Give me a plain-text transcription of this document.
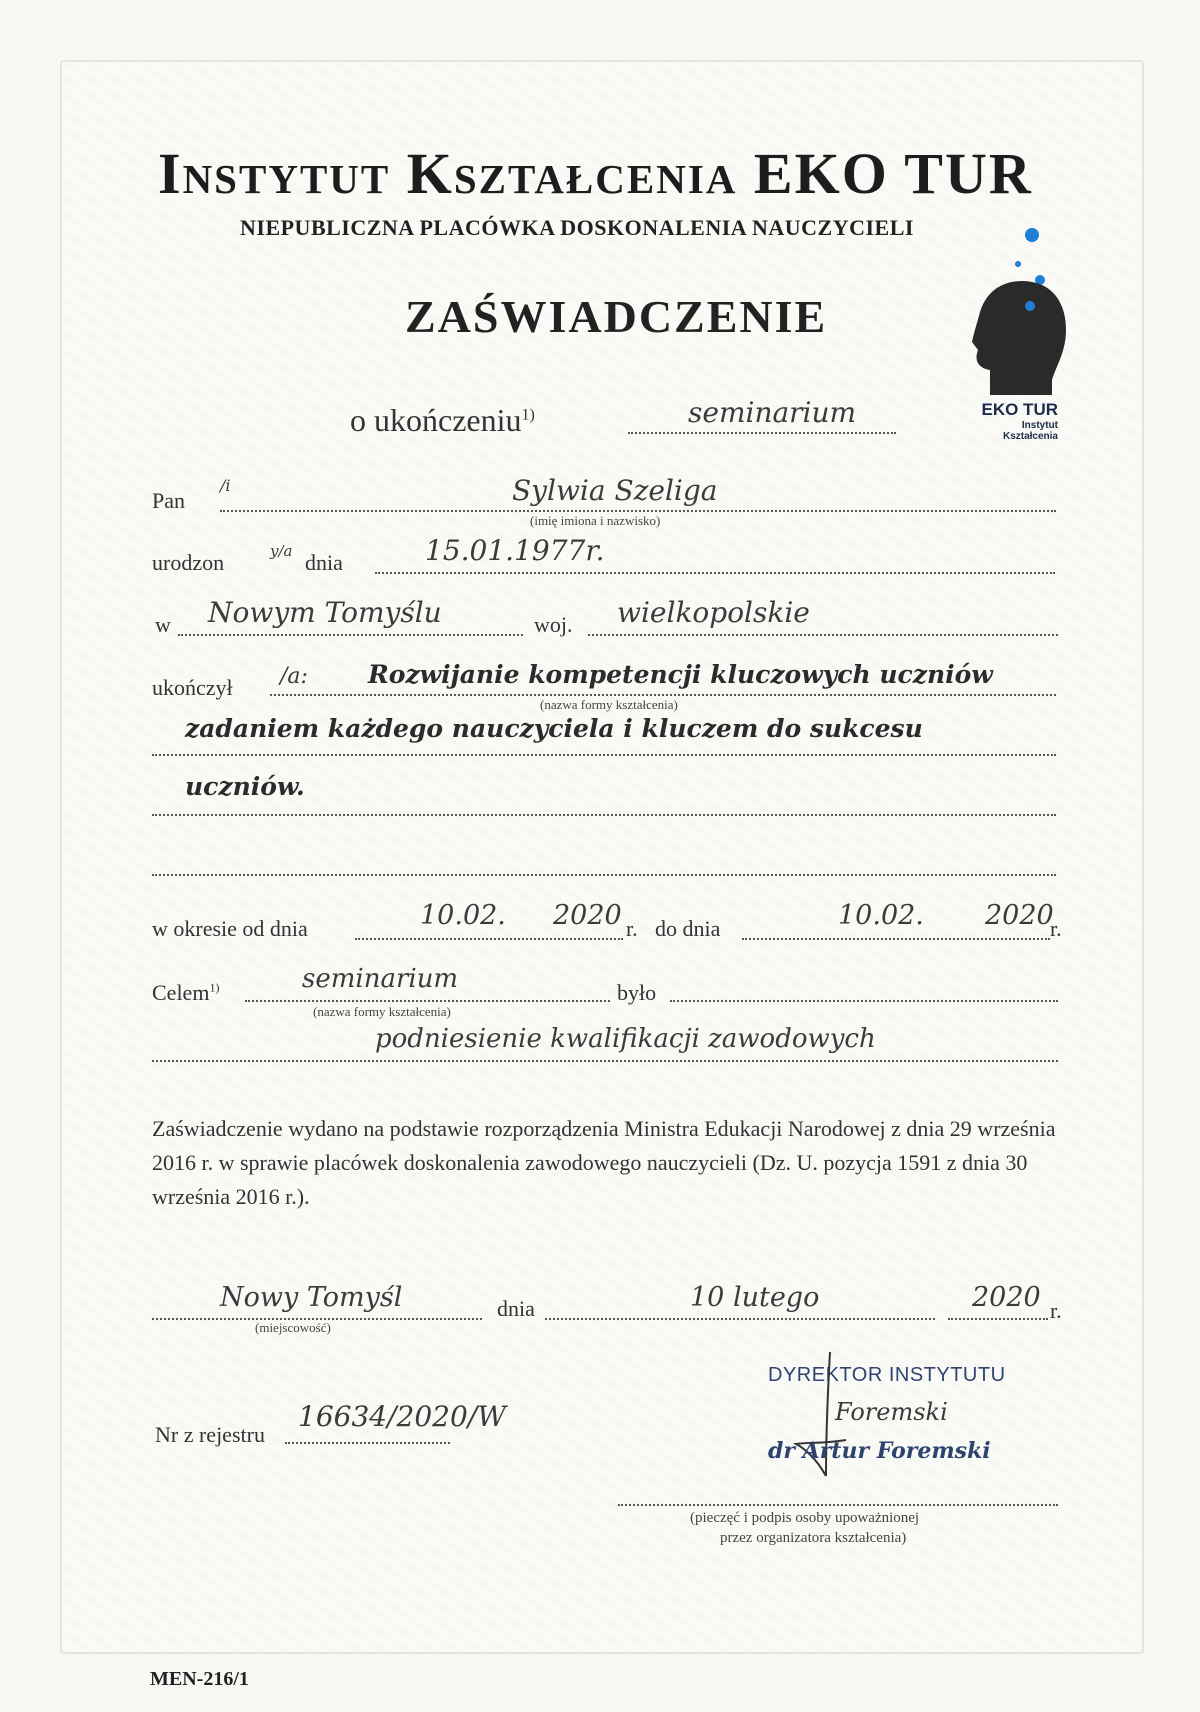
Instytut Kształcenia EKO TUR
NIEPUBLICZNA PLACÓWKA DOSKONALENIA NAUCZYCIELI
ZAŚWIADCZENIE
EKO TUR
Instytut
Kształcenia
o ukończeniu$^{1)}$	seminarium
Pan
/i	Sylwia Szeliga
(imię imiona i nazwisko)
urodzon	y/a dnia	15.01.1977r.
w Nowym Tomyślu	woj. wielkopolskie
ukończył /a: Rozwijanie kompetencji kluczowych uczniów
(nazwa formy kształcenia)
zadaniem każdego nauczyciela i kluczem do sukcesu
uczniów.
w okresie od dnia	10.02. 2020 r. do dnia	10.02. 2020
r.
Celem$^{1)}$	seminarium
(nazwa formy kształcenia)
było
podniesienie kwalifikacji zawodowych
Zaświadczenie wydano na podstawie rozporządzenia Ministra Edukacji Narodowej z dnia 29 września 2016 r. w sprawie placówek doskonalenia zawodowego nauczycieli (Dz. U. pozycja 1591 z dnia 30 września 2016 r.).
Nowy Tomyśl
(miejscowość)
dnia	10 lutego	2020 r.
Nr z rejestru
16634/2020/W
DYREKTOR INSTYTUTU
Foremski
dr Artur Foremski
(pieczęć i podpis osoby upoważnionej
przez organizatora kształcenia)
MEN-216/1
